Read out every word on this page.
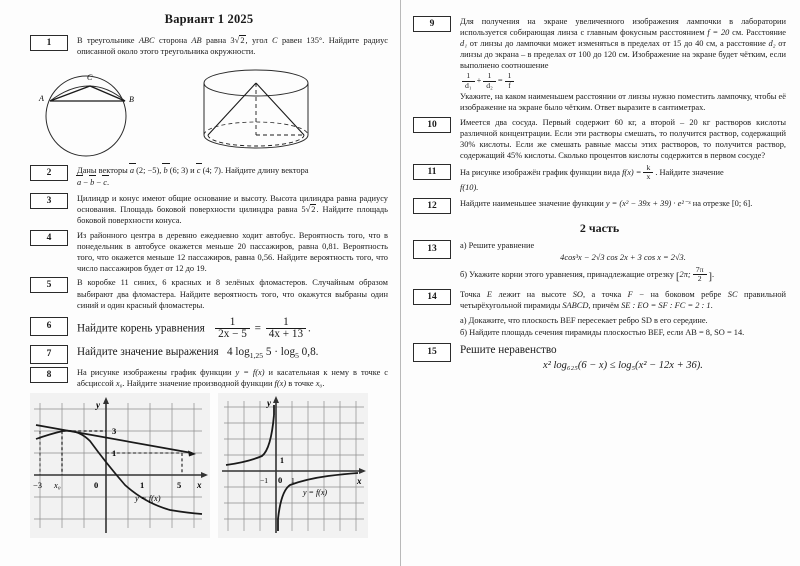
Вариант 1 2025
1	В треугольнике ABC сторона AB равна 3√2, угол C равен 135°. Найдите радиус описанной около этого треугольника окружности.

A	B
C
2	Даны векторы a (2; −5), b (6; 3) и c (4; 7). Найдите длину вектора

a − b − c.

3	Цилиндр и конус имеют общие основание и высоту. Высота цилиндра равна радиусу основания. Площадь боковой поверхности цилиндра равна 5√2. Найдите площадь боковой поверхности конуса.

4	Из районного центра в деревню ежедневно ходит автобус. Вероятность того, что в понедельник в автобусе окажется меньше 20 пассажиров, равна 0,81. Вероятность того, что окажется меньше 12 пассажиров, равна 0,56. Найдите вероятность того, что число пассажиров будет от 12 до 19.
5	В коробке 11 синих, 6 красных и 8 зелёных фломастеров. Случайным образом выбирают два фломастера. Найдите вероятность того, что окажутся выбраны один синий и один красный фломастеры.
6	Найдите корень уравнения $\frac{1}{2x - 5} = \frac{1}{4x + 13}$ .
7	Найдите значение выражения 4 $\log_{1,25} 5 \cdot \log_5 0,8$.
8	На рисунке изображены график функции y = f(x) и касательная к нему в точке с абсциссой x₀. Найдите значение производной функции f(x) в точке x₀.

y
x
3
1
−3 x₀	0	1	5
y = f(x)
y
x
1
0
−1	1
y = f(x)
9	Для получения на экране увеличенного изображения лампочки в лаборатории используется собирающая линза с главным фокусным расстоянием f = 20 см. Расстояние d₁ от линзы до лампочки может изменяться в пределах от 15 до 40 см, а расстояние d₂ от линзы до экрана – в пределах от 100 до 120 см. Изображение на экране будет чётким, если выполнено соотношение

$\frac{1}{\text{d₁}} + \frac{1}{\text{d₂}} = \frac{1}{f}$

Укажите, на каком наименьшем расстоянии от линзы нужно поместить лампочку, чтобы её изображение на экране было чётким. Ответ выразите в сантиметрах.

10	Имеется два сосуда. Первый содержит 60 кг, а второй – 20 кг растворов кислоты различной концентрации. Если эти растворы смешать, то получится раствор, содержащий 30% кислоты. Если же смешать равные массы этих растворов, то получится раствор, содержащий 45% кислоты. Сколько процентов кислоты содержится в первом сосуде?
11	На рисунке изображён график функции вида $f(x) = \frac{k}{x}$ . Найдите значение

f(10).

12	Найдите наименьшее значение функции y = (x² − 39x + 39) · e²⁻ˣ на отрезке [0; 6].

2 часть
13	а) Решите уравнение

4cos³x − 2√3 cos 2x + 3 cos x = 2√3.

б) Укажите корни этого уравнения, принадлежащие отрезку [2π; $\frac{7\pi}{2}$ ].

14	Точка E лежит на высоте SO, а точка F − на боковом ребре SC правильной четырёхугольной пирамиды SABCD, причём SE : EO = SF : FC = 2 : 1.

а) Докажите, что плоскость BEF пересекает ребро SD в его середине.

б) Найдите площадь сечения пирамиды плоскостью BEF, если AB = 8, SO = 14.

15	Решите неравенство

x² log₆₂₅(6 − x) ≤ log₅(x² − 12x + 36).
